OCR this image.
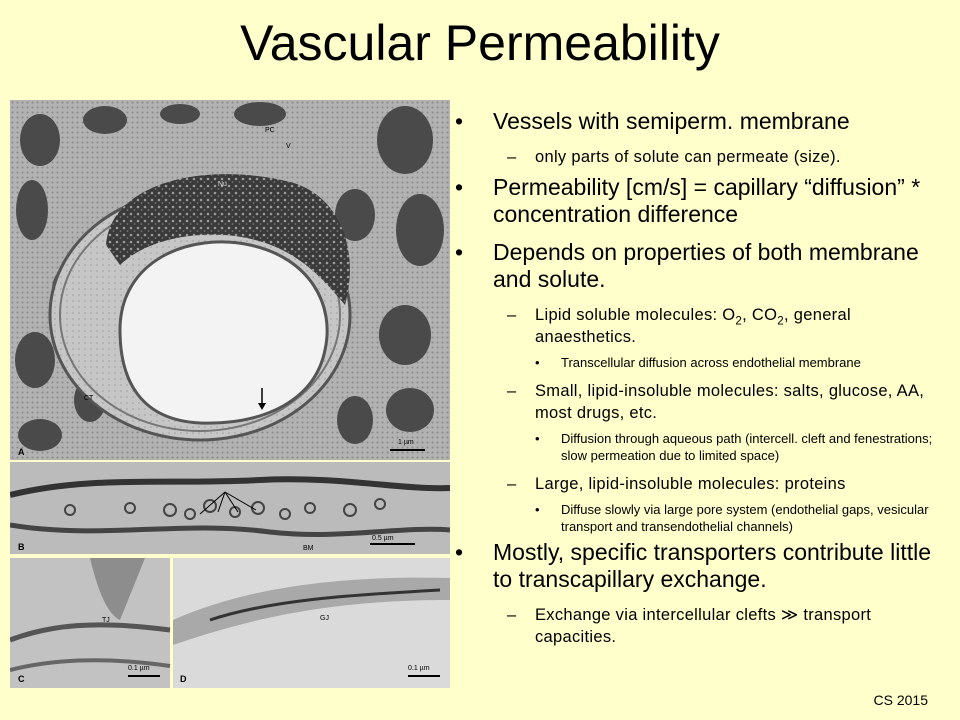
Vascular Permeability
A
PC
V
Nu
CT
1 µm
B	BM
0.5 µm
C
TJ
0.1 µm
D
GJ
0.1 µm
• Vessels with semiperm. membrane
– only parts of solute can permeate (size).
• Permeability [cm/s] = capillary “diffusion” * concentration difference
• Depends on properties of both membrane and solute.
– Lipid soluble molecules: $O_2$, $CO_2$, general anaesthetics.
• Transcellular diffusion across endothelial membrane
– Small, lipid-insoluble molecules: salts, glucose, AA, most drugs, etc.
• Diffusion through aqueous path (intercell. cleft and fenestrations; slow permeation due to limited space)
– Large, lipid-insoluble molecules: proteins
• Diffuse slowly via large pore system (endothelial gaps, vesicular transport and transendothelial channels)
• Mostly, specific transporters contribute little to transcapillary exchange.
– Exchange via intercellular clefts ≫ transport capacities.
CS 2015
